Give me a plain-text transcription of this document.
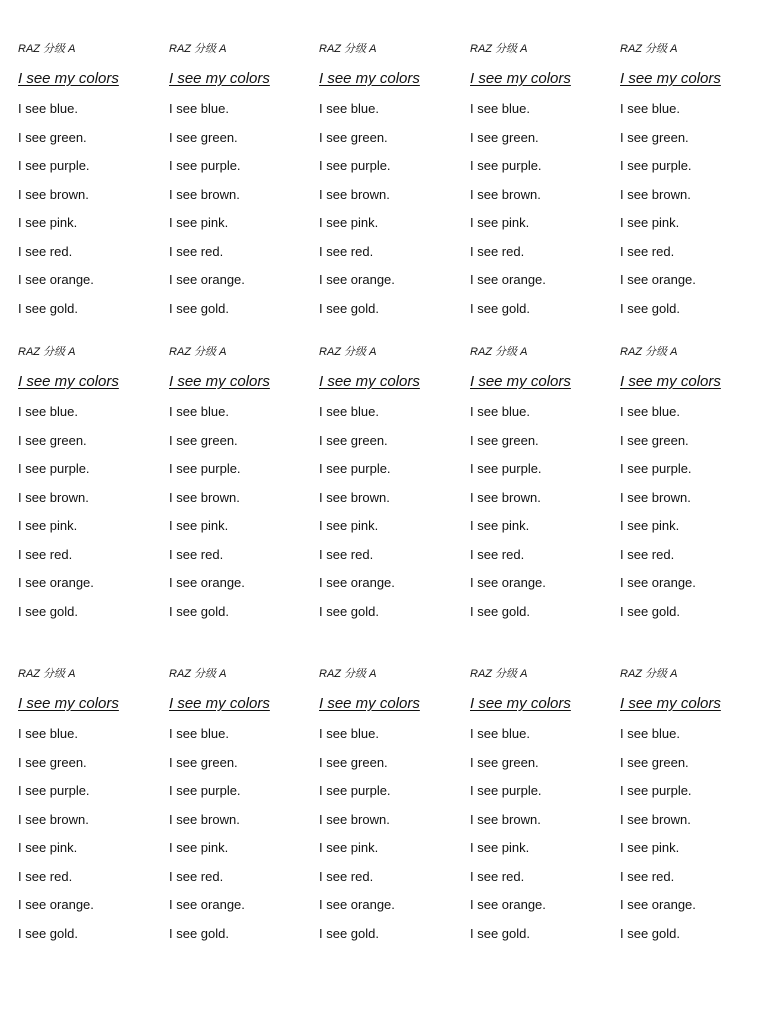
RAZ 分级 A
I see my colors
I see blue.
I see green.
I see purple.
I see brown.
I see pink.
I see red.
I see orange.
I see gold.
RAZ 分级 A
I see my colors
I see blue.
I see green.
I see purple.
I see brown.
I see pink.
I see red.
I see orange.
I see gold.
RAZ 分级 A
I see my colors
I see blue.
I see green.
I see purple.
I see brown.
I see pink.
I see red.
I see orange.
I see gold.
RAZ 分级 A
I see my colors
I see blue.
I see green.
I see purple.
I see brown.
I see pink.
I see red.
I see orange.
I see gold.
RAZ 分级 A
I see my colors
I see blue.
I see green.
I see purple.
I see brown.
I see pink.
I see red.
I see orange.
I see gold.
RAZ 分级 A
I see my colors
I see blue.
I see green.
I see purple.
I see brown.
I see pink.
I see red.
I see orange.
I see gold.
RAZ 分级 A
I see my colors
I see blue.
I see green.
I see purple.
I see brown.
I see pink.
I see red.
I see orange.
I see gold.
RAZ 分级 A
I see my colors
I see blue.
I see green.
I see purple.
I see brown.
I see pink.
I see red.
I see orange.
I see gold.
RAZ 分级 A
I see my colors
I see blue.
I see green.
I see purple.
I see brown.
I see pink.
I see red.
I see orange.
I see gold.
RAZ 分级 A
I see my colors
I see blue.
I see green.
I see purple.
I see brown.
I see pink.
I see red.
I see orange.
I see gold.
RAZ 分级 A
I see my colors
I see blue.
I see green.
I see purple.
I see brown.
I see pink.
I see red.
I see orange.
I see gold.
RAZ 分级 A
I see my colors
I see blue.
I see green.
I see purple.
I see brown.
I see pink.
I see red.
I see orange.
I see gold.
RAZ 分级 A
I see my colors
I see blue.
I see green.
I see purple.
I see brown.
I see pink.
I see red.
I see orange.
I see gold.
RAZ 分级 A
I see my colors
I see blue.
I see green.
I see purple.
I see brown.
I see pink.
I see red.
I see orange.
I see gold.
RAZ 分级 A
I see my colors
I see blue.
I see green.
I see purple.
I see brown.
I see pink.
I see red.
I see orange.
I see gold.
